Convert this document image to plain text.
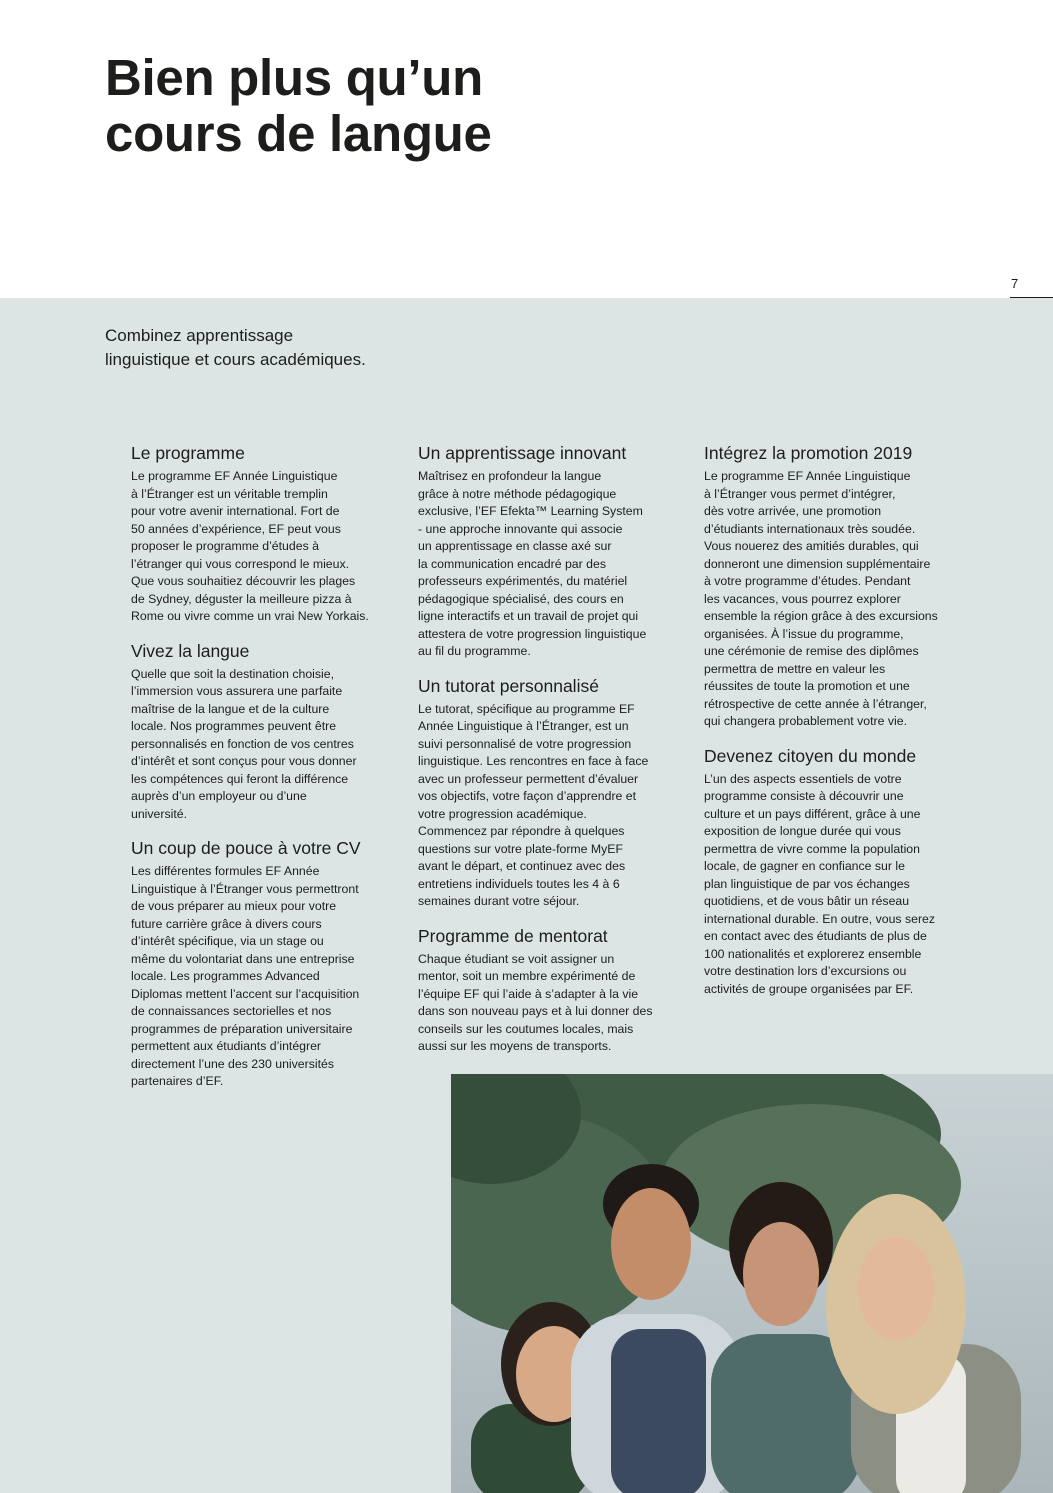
Bien plus qu’un
cours de langue
7
Combinez apprentissage
linguistique et cours académiques.
Le programme

Le programme EF Année Linguistique
à l’Étranger est un véritable tremplin
pour votre avenir international. Fort de
50 années d’expérience, EF peut vous
proposer le programme d’études à
l’étranger qui vous correspond le mieux.
Que vous souhaitiez découvrir les plages
de Sydney, déguster la meilleure pizza à
Rome ou vivre comme un vrai New Yorkais.

Vivez la langue

Quelle que soit la destination choisie,
l’immersion vous assurera une parfaite
maîtrise de la langue et de la culture
locale. Nos programmes peuvent être
personnalisés en fonction de vos centres
d’intérêt et sont conçus pour vous donner
les compétences qui feront la différence
auprès d’un employeur ou d’une
université.

Un coup de pouce à votre CV

Les différentes formules EF Année
Linguistique à l’Étranger vous permettront
de vous préparer au mieux pour votre
future carrière grâce à divers cours
d’intérêt spécifique, via un stage ou
même du volontariat dans une entreprise
locale. Les programmes Advanced
Diplomas mettent l’accent sur l’acquisition
de connaissances sectorielles et nos
programmes de préparation universitaire
permettent aux étudiants d’intégrer
directement l’une des 230 universités
partenaires d’EF.

Un apprentissage innovant

Maîtrisez en profondeur la langue
grâce à notre méthode pédagogique
exclusive, l’EF Efekta™ Learning System
- une approche innovante qui associe
un apprentissage en classe axé sur
la communication encadré par des
professeurs expérimentés, du matériel
pédagogique spécialisé, des cours en
ligne interactifs et un travail de projet qui
attestera de votre progression linguistique
au fil du programme.

Un tutorat personnalisé

Le tutorat, spécifique au programme EF
Année Linguistique à l’Étranger, est un
suivi personnalisé de votre progression
linguistique. Les rencontres en face à face
avec un professeur permettent d’évaluer
vos objectifs, votre façon d’apprendre et
votre progression académique.
Commencez par répondre à quelques
questions sur votre plate-forme MyEF
avant le départ, et continuez avec des
entretiens individuels toutes les 4 à 6
semaines durant votre séjour.

Programme de mentorat

Chaque étudiant se voit assigner un
mentor, soit un membre expérimenté de
l’équipe EF qui l’aide à s’adapter à la vie
dans son nouveau pays et à lui donner des
conseils sur les coutumes locales, mais
aussi sur les moyens de transports.

Intégrez la promotion 2019

Le programme EF Année Linguistique
à l’Étranger vous permet d’intégrer,
dès votre arrivée, une promotion
d’étudiants internationaux très soudée.
Vous nouerez des amitiés durables, qui
donneront une dimension supplémentaire
à votre programme d’études. Pendant
les vacances, vous pourrez explorer
ensemble la région grâce à des excursions
organisées. À l’issue du programme,
une cérémonie de remise des diplômes
permettra de mettre en valeur les
réussites de toute la promotion et une
rétrospective de cette année à l’étranger,
qui changera probablement votre vie.

Devenez citoyen du monde

L’un des aspects essentiels de votre
programme consiste à découvrir une
culture et un pays différent, grâce à une
exposition de longue durée qui vous
permettra de vivre comme la population
locale, de gagner en confiance sur le
plan linguistique de par vos échanges
quotidiens, et de vous bâtir un réseau
international durable. En outre, vous serez
en contact avec des étudiants de plus de
100 nationalités et explorerez ensemble
votre destination lors d’excursions ou
activités de groupe organisées par EF.
